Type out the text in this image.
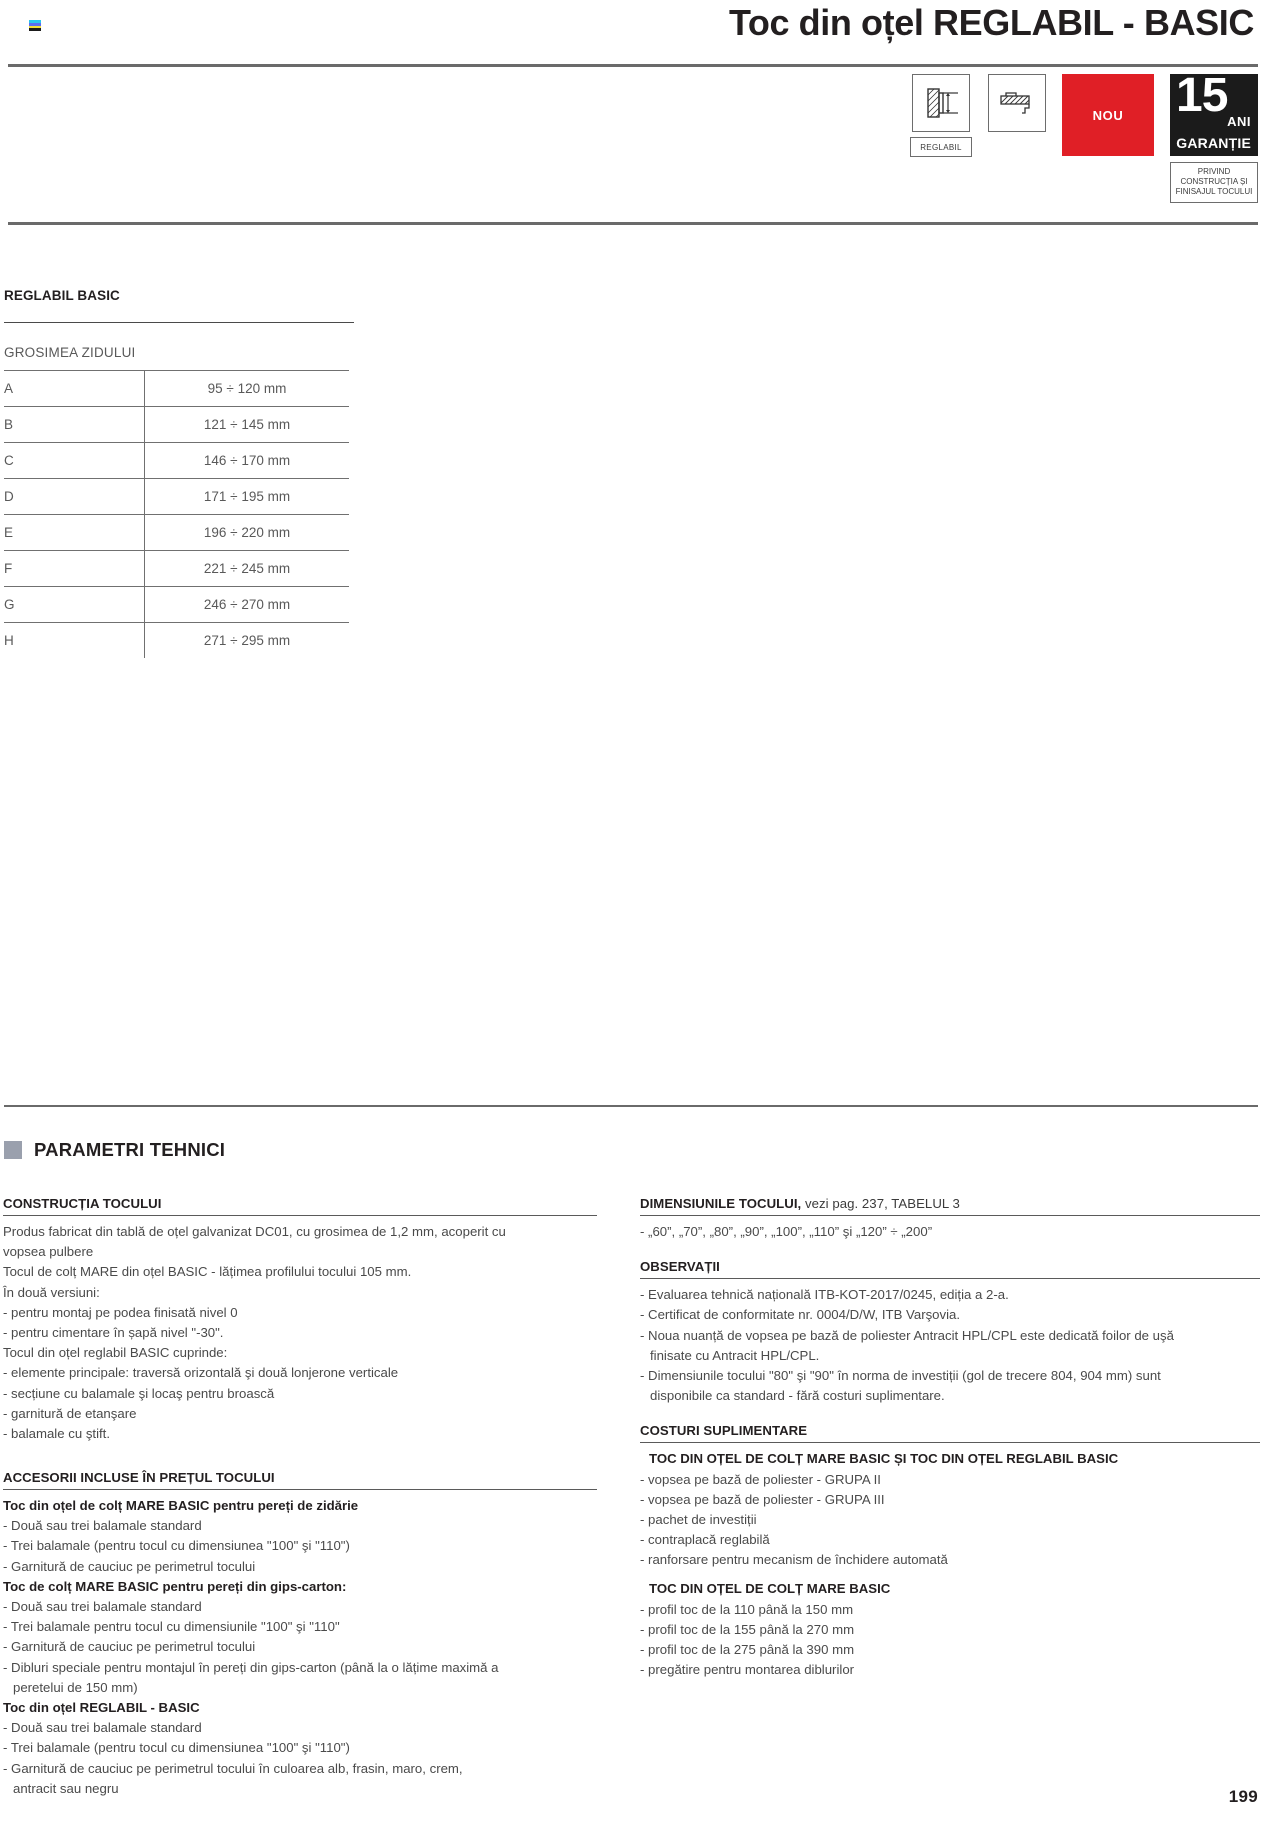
Toc din oțel REGLABIL - BASIC
REGLABIL
NOU	15 ANI
GARANȚIE
PRIVIND
CONSTRUCȚIA ȘI
FINISAJUL TOCULUI
REGLABIL BASIC
GROSIMEA ZIDULUI
A	95 ÷ 120 mm
B	121 ÷ 145 mm
C	146 ÷ 170 mm
D	171 ÷ 195 mm
E	196 ÷ 220 mm
F	221 ÷ 245 mm
G	246 ÷ 270 mm
H	271 ÷ 295 mm
PARAMETRI TEHNICI
CONSTRUCȚIA TOCULUI
Produs fabricat din tablă de oțel galvanizat DC01, cu grosimea de 1,2 mm, acoperit cu
vopsea pulbere
Tocul de colț MARE din oțel BASIC - lățimea profilului tocului 105 mm.
În două versiuni:
- pentru montaj pe podea finisată nivel 0
- pentru cimentare în șapă nivel "-30".
Tocul din oțel reglabil BASIC cuprinde:
- elemente principale: traversă orizontală şi două lonjerone verticale
- secțiune cu balamale şi locaş pentru broască
- garnitură de etanşare
- balamale cu ştift.
ACCESORII INCLUSE ÎN PREȚUL TOCULUI
Toc din oțel de colț MARE BASIC pentru pereți de zidărie
- Două sau trei balamale standard
- Trei balamale (pentru tocul cu dimensiunea "100" şi "110")
- Garnitură de cauciuc pe perimetrul tocului
Toc de colț MARE BASIC pentru pereți din gips-carton:
- Două sau trei balamale standard
- Trei balamale pentru tocul cu dimensiunile "100" şi "110"
- Garnitură de cauciuc pe perimetrul tocului
- Dibluri speciale pentru montajul în pereți din gips-carton (până la o lățime maximă a
peretelui de 150 mm)
Toc din oțel REGLABIL - BASIC
- Două sau trei balamale standard
- Trei balamale (pentru tocul cu dimensiunea "100" şi "110")
- Garnitură de cauciuc pe perimetrul tocului în culoarea alb, frasin, maro, crem,
antracit sau negru
DIMENSIUNILE TOCULUI, vezi pag. 237, TABELUL 3
- „60”, „70”, „80”, „90”, „100”, „110” şi „120” ÷ „200”
OBSERVAȚII
- Evaluarea tehnică națională ITB-KOT-2017/0245, ediția a 2-a.
- Certificat de conformitate nr. 0004/D/W, ITB Varşovia.
- Noua nuanță de vopsea pe bază de poliester Antracit HPL/CPL este dedicată foilor de uşă
finisate cu Antracit HPL/CPL.
- Dimensiunile tocului "80" şi "90" în norma de investiții (gol de trecere 804, 904 mm) sunt
disponibile ca standard - fără costuri suplimentare.
COSTURI SUPLIMENTARE
TOC DIN OȚEL DE COLȚ MARE BASIC ȘI TOC DIN OȚEL REGLABIL BASIC
- vopsea pe bază de poliester - GRUPA II
- vopsea pe bază de poliester - GRUPA III
- pachet de investiții
- contraplacă reglabilă
- ranforsare pentru mecanism de închidere automată
TOC DIN OȚEL DE COLȚ MARE BASIC
- profil toc de la 110 până la 150 mm
- profil toc de la 155 până la 270 mm
- profil toc de la 275 până la 390 mm
- pregătire pentru montarea diblurilor
199
